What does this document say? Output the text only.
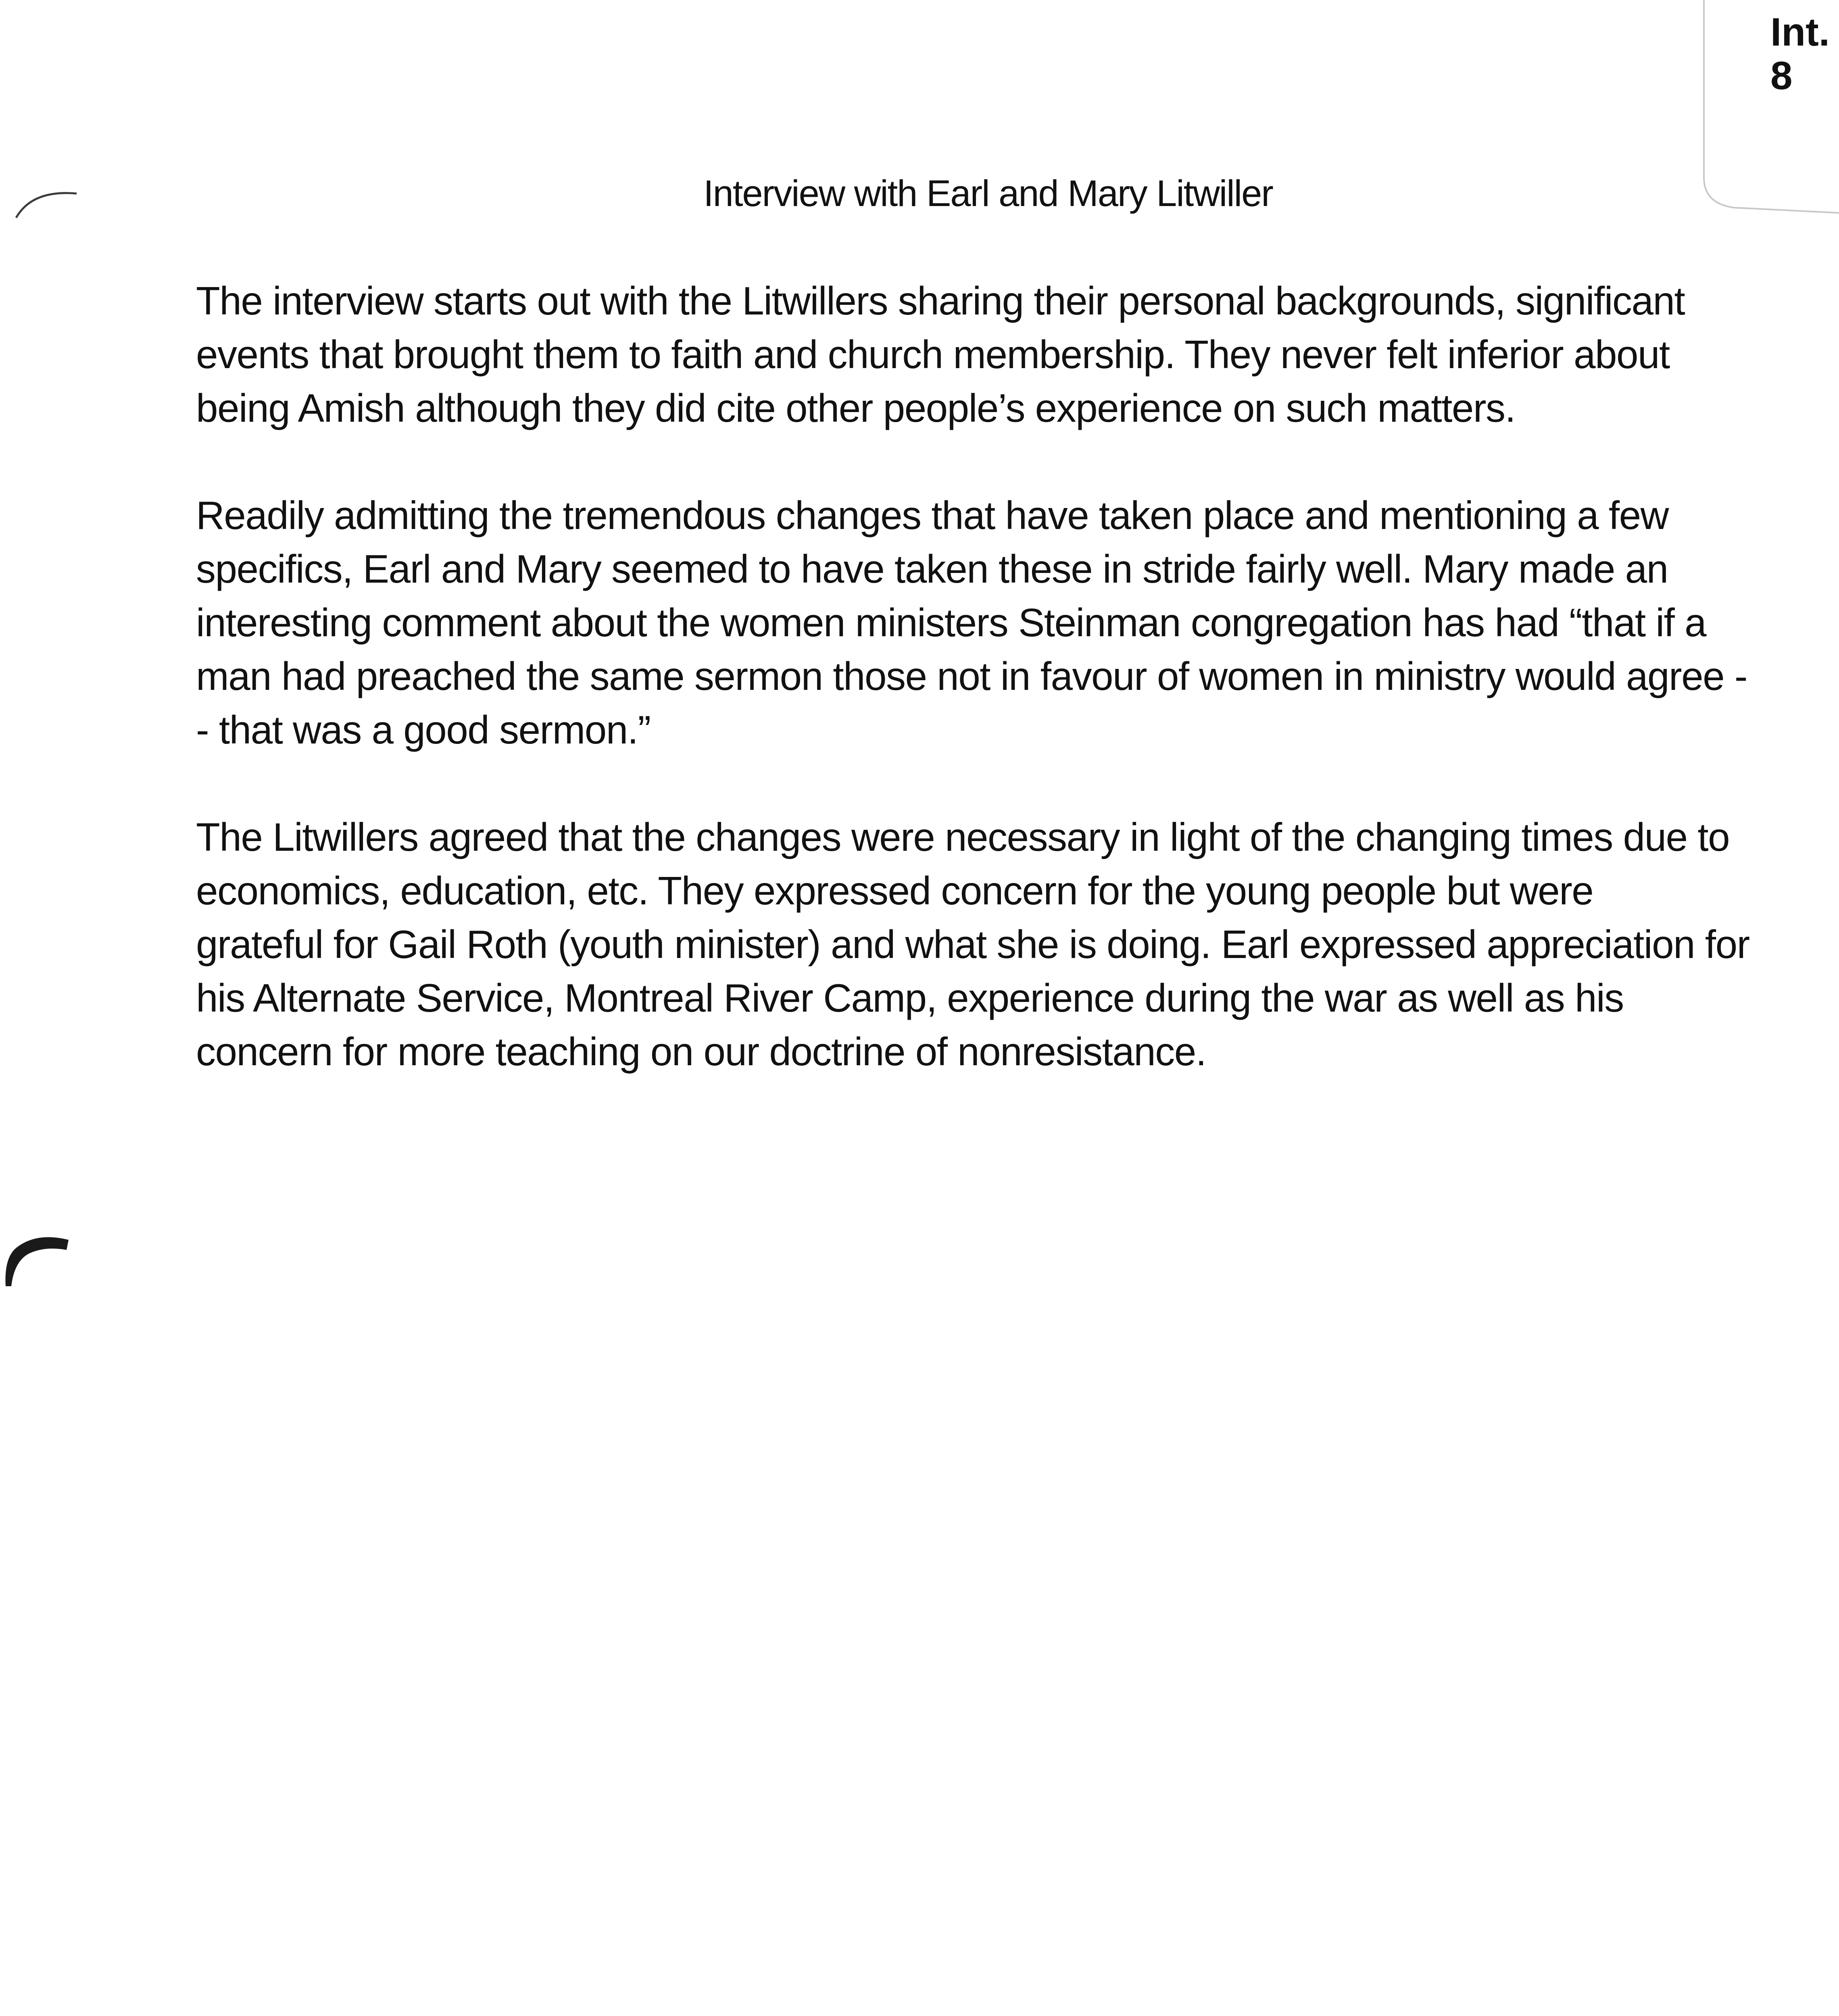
Int.
8
Interview with Earl and Mary Litwiller

The interview starts out with the Litwillers sharing their personal backgrounds, significant
events that brought them to faith and church membership. They never felt inferior about
being Amish although they did cite other people’s experience on such matters.

Readily admitting the tremendous changes that have taken place and mentioning a few
specifics, Earl and Mary seemed to have taken these in stride fairly well. Mary made an
interesting comment about the women ministers Steinman congregation has had “that if a
man had preached the same sermon those not in favour of women in ministry would agree -
- that was a good sermon.”

The Litwillers agreed that the changes were necessary in light of the changing times due to
economics, education, etc. They expressed concern for the young people but were
grateful for Gail Roth (youth minister) and what she is doing. Earl expressed appreciation for
his Alternate Service, Montreal River Camp, experience during the war as well as his
concern for more teaching on our doctrine of nonresistance.
